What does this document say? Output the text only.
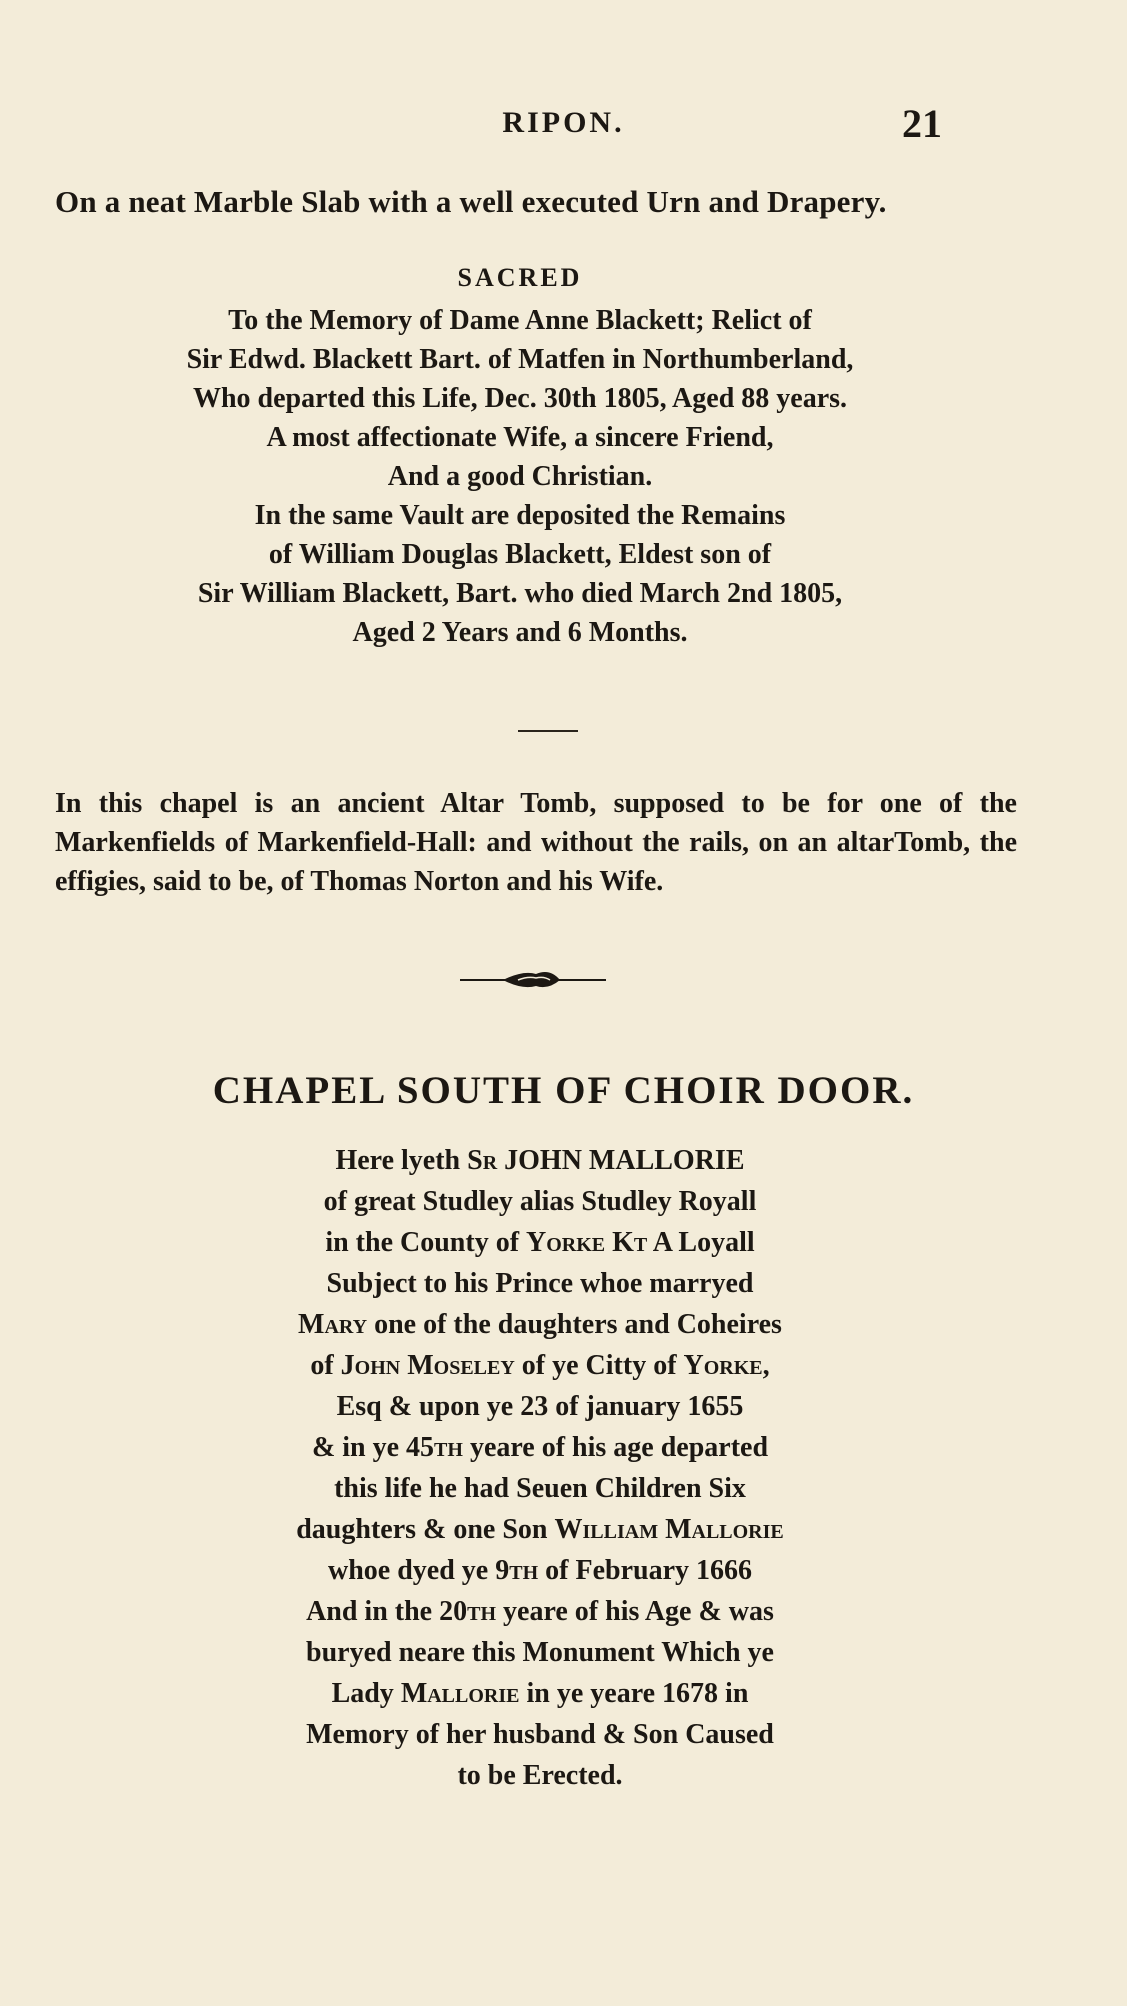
RIPON.	21
On a neat Marble Slab with a well executed Urn and Drapery.
SACRED
To the Memory of Dame Anne Blackett; Relict of
Sir Edwd. Blackett Bart. of Matfen in Northumberland,
Who departed this Life, Dec. 30th 1805, Aged 88 years.
A most affectionate Wife, a sincere Friend,
And a good Christian.
In the same Vault are deposited the Remains
of William Douglas Blackett, Eldest son of
Sir William Blackett, Bart. who died March 2nd 1805,
Aged 2 Years and 6 Months.
In this chapel is an ancient Altar Tomb, supposed to be for one of the Markenfields of Markenfield-Hall: and without the rails, on an altarTomb, the effigies, said to be, of Thomas Norton and his Wife.
CHAPEL SOUTH OF CHOIR DOOR.
Here lyeth Sr JOHN MALLORIE
of great Studley alias Studley Royall
in the County of Yorke Kt A Loyall
Subject to his Prince whoe marryed
Mary one of the daughters and Coheires
of John Moseley of ye Citty of Yorke,
Esq & upon ye 23 of january 1655
& in ye 45th yeare of his age departed
this life he had Seuen Children Six
daughters & one Son William Mallorie
whoe dyed ye 9th of February 1666
And in the 20th yeare of his Age & was
buryed neare this Monument Which ye
Lady Mallorie in ye yeare 1678 in
Memory of her husband & Son Caused
to be Erected.
